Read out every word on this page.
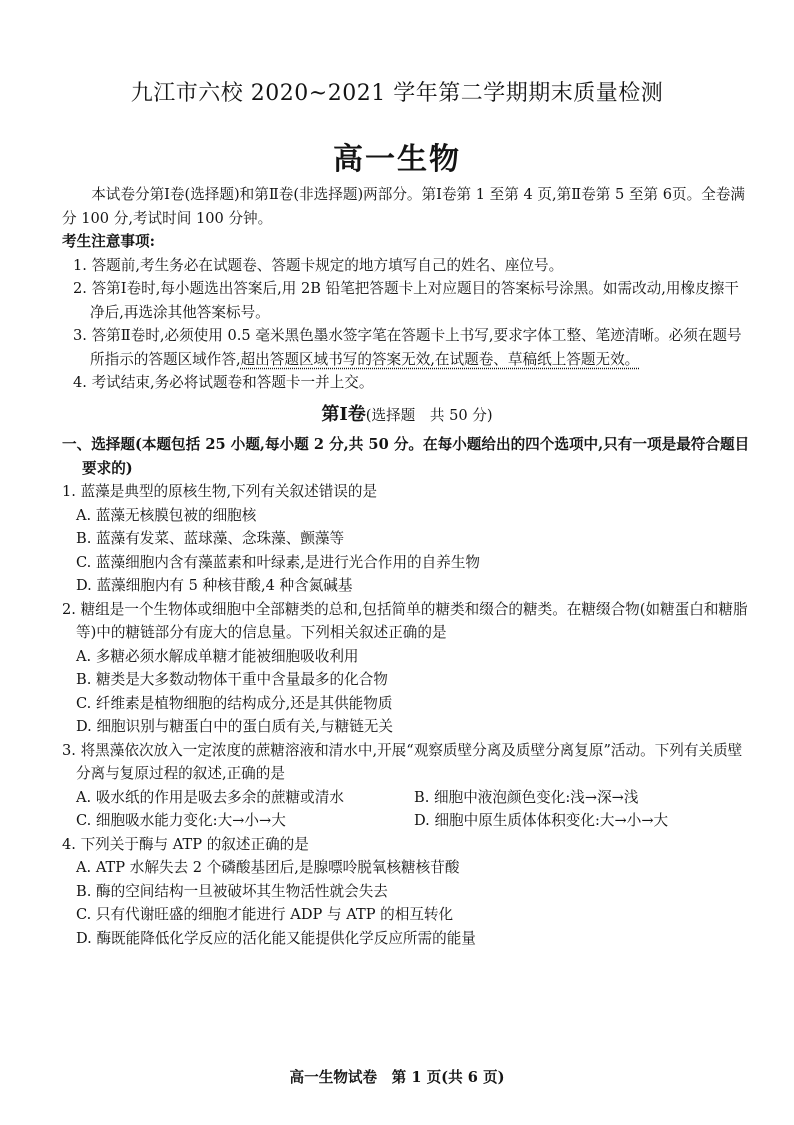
九江市六校 2020~2021 学年第二学期期末质量检测
高一生物

本试卷分第Ⅰ卷(选择题)和第Ⅱ卷(非选择题)两部分。第Ⅰ卷第 1 至第 4 页,第Ⅱ卷第 5 至第 6页。全卷满分 100 分,考试时间 100 分钟。

考生注意事项:

1. 答题前,考生务必在试题卷、答题卡规定的地方填写自己的姓名、座位号。

2. 答第Ⅰ卷时,每小题选出答案后,用 2B 铅笔把答题卡上对应题目的答案标号涂黑。如需改动,用橡皮擦干净后,再选涂其他答案标号。

3. 答第Ⅱ卷时,必须使用 0.5 毫米黑色墨水签字笔在答题卡上书写,要求字体工整、笔迹清晰。必须在题号所指示的答题区域作答,超出答题区域书写的答案无效,在试题卷、草稿纸上答题无效。

4. 考试结束,务必将试题卷和答题卡一并上交。

第Ⅰ卷(选择题　共 50 分)

一、选择题(本题包括 25 小题,每小题 2 分,共 50 分。在每小题给出的四个选项中,只有一项是最符合题目要求的)

1. 蓝藻是典型的原核生物,下列有关叙述错误的是

A. 蓝藻无核膜包被的细胞核

B. 蓝藻有发菜、蓝球藻、念珠藻、颤藻等

C. 蓝藻细胞内含有藻蓝素和叶绿素,是进行光合作用的自养生物

D. 蓝藻细胞内有 5 种核苷酸,4 种含氮碱基

2. 糖组是一个生物体或细胞中全部糖类的总和,包括简单的糖类和缀合的糖类。在糖缀合物(如糖蛋白和糖脂等)中的糖链部分有庞大的信息量。下列相关叙述正确的是

A. 多糖必须水解成单糖才能被细胞吸收利用

B. 糖类是大多数动物体干重中含量最多的化合物

C. 纤维素是植物细胞的结构成分,还是其供能物质

D. 细胞识别与糖蛋白中的蛋白质有关,与糖链无关

3. 将黑藻依次放入一定浓度的蔗糖溶液和清水中,开展“观察质壁分离及质壁分离复原”活动。下列有关质壁分离与复原过程的叙述,正确的是

A. 吸水纸的作用是吸去多余的蔗糖或清水	B. 细胞中液泡颜色变化:浅→深→浅
C. 细胞吸水能力变化:大→小→大	D. 细胞中原生质体体积变化:大→小→大

4. 下列关于酶与 ATP 的叙述正确的是

A. ATP 水解失去 2 个磷酸基团后,是腺嘌呤脱氧核糖核苷酸

B. 酶的空间结构一旦被破坏其生物活性就会失去

C. 只有代谢旺盛的细胞才能进行 ADP 与 ATP 的相互转化

D. 酶既能降低化学反应的活化能又能提供化学反应所需的能量

高一生物试卷　第 1 页(共 6 页)
